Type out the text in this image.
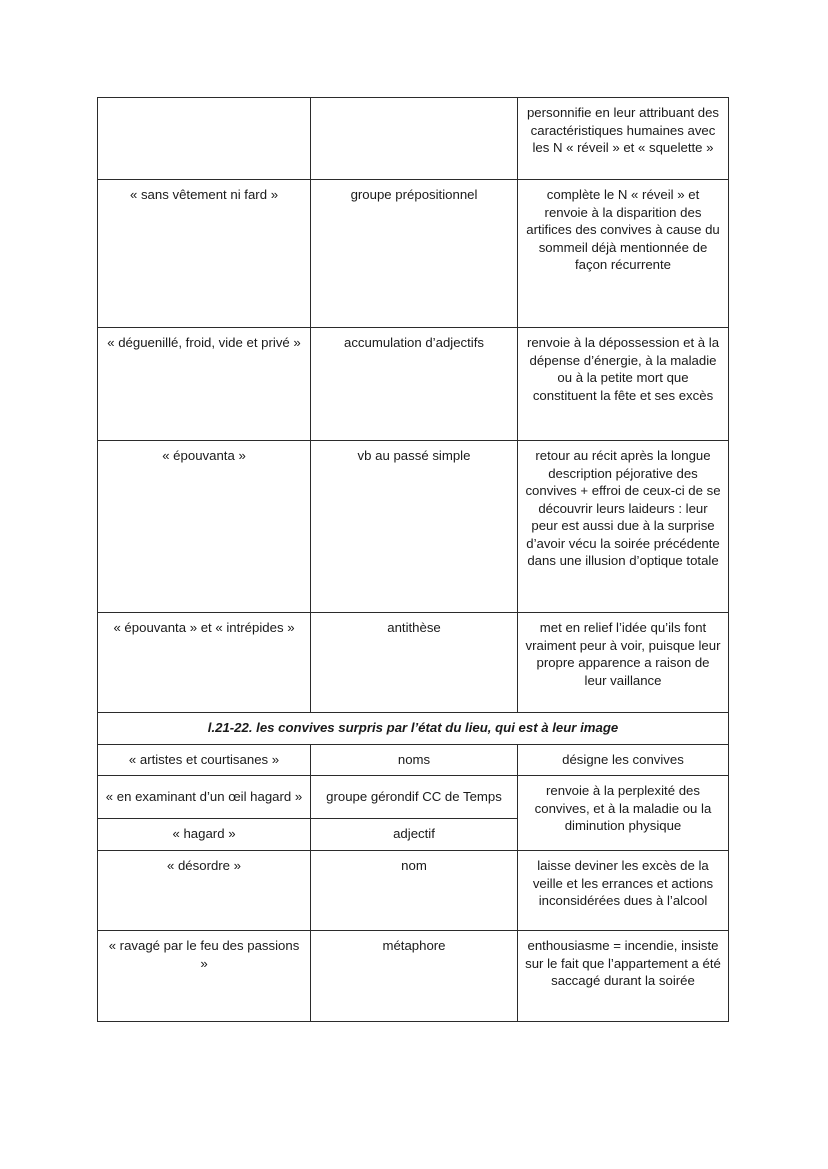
		personnifie en leur attribuant des caractéristiques humaines avec les N « réveil » et « squelette »
« sans vêtement ni fard »	groupe prépositionnel	complète le N « réveil » et renvoie à la disparition des artifices des convives à cause du sommeil déjà mentionnée de façon récurrente
« déguenillé, froid, vide et privé »	accumulation d’adjectifs	renvoie à la dépossession et à la dépense d’énergie, à la maladie ou à la petite mort que constituent la fête et ses excès
« épouvanta »	vb au passé simple	retour au récit après la longue description péjorative des convives + effroi de ceux-ci de se découvrir leurs laideurs : leur peur est aussi due à la surprise d’avoir vécu la soirée précédente dans une illusion d’optique totale
« épouvanta » et « intrépides »	antithèse	met en relief l’idée qu’ils font vraiment peur à voir, puisque leur propre apparence a raison de leur vaillance
l.21-22. les convives surpris par l’état du lieu, qui est à leur image		
« artistes et courtisanes »	noms	désigne les convives
« en examinant d’un œil hagard »	groupe gérondif CC de Temps	renvoie à la perplexité des convives, et à la maladie ou la diminution physique
« hagard »	adjectif	
« désordre »	nom	laisse deviner les excès de la veille et les errances et actions inconsidérées dues à l’alcool
« ravagé par le feu des passions »	métaphore	enthousiasme = incendie, insiste sur le fait que l’appartement a été saccagé durant la soirée
